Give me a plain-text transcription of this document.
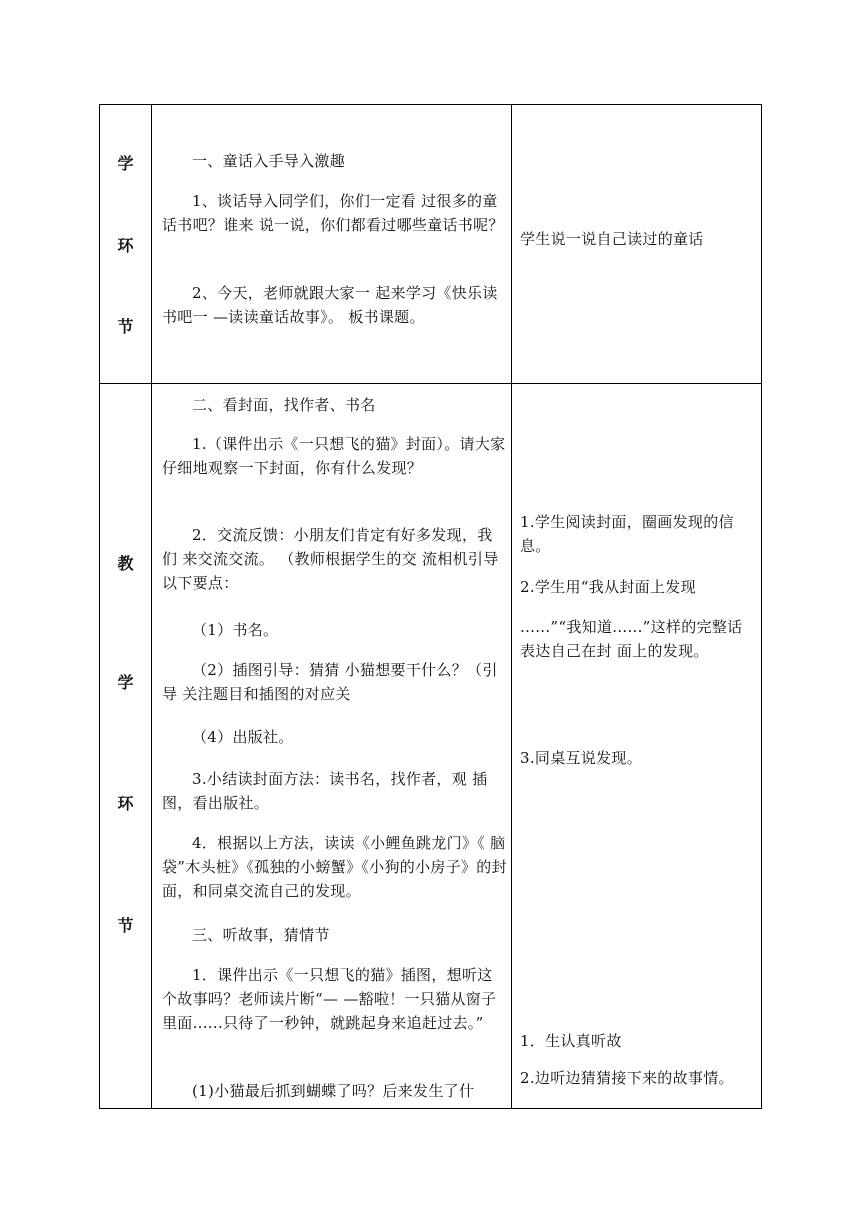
学
环
节

一、童话入手导入激趣

1、谈话导入同学们，你们一定看 过很多的童话书吧？谁来 说一说，你们都看过哪些童话书呢？

2、今天，老师就跟大家一 起来学习《快乐读书吧一 —读读童话故事》。 板书课题。

学生说一说自己读过的童话

教
学
环
节

二、看封面，找作者、书名

1.（课件出示《一只想飞的猫》封面）。请大家 仔细地观察一下封面，你有什么发现？

2．交流反馈：小朋友们肯定有好多发现，我们 来交流交流。 （教师根据学生的交 流相机引导以下要点：

（1）书名。

（2）插图引导：猜猜 小猫想要干什么？（引导 关注题目和插图的对应关

（4）出版社。

3.小结读封面方法：读书名，找作者，观 插图，看出版社。

4．根据以上方法，读读《小鲤鱼跳龙门》《 脑袋”木头桩》《孤独的小螃蟹》《小狗的小房子》的封面，和同桌交流自己的发现。

三、听故事，猜情节

1．课件出示《一只想飞的猫》插图，想听这个故事吗？老师读片断“— —豁啦！一只猫从窗子里面......只待了一秒钟，就跳起身来追赶过去。”

(1)小猫最后抓到蝴蝶了吗？后来发生了什

1.学生阅读封面，圈画发现的信息。

2.学生用“我从封面上发现

......”“我知道......”这样的完整话表达自己在封 面上的发现。

3.同桌互说发现。

1．生认真听故

2.边听边猜猜接下来的故事情。
